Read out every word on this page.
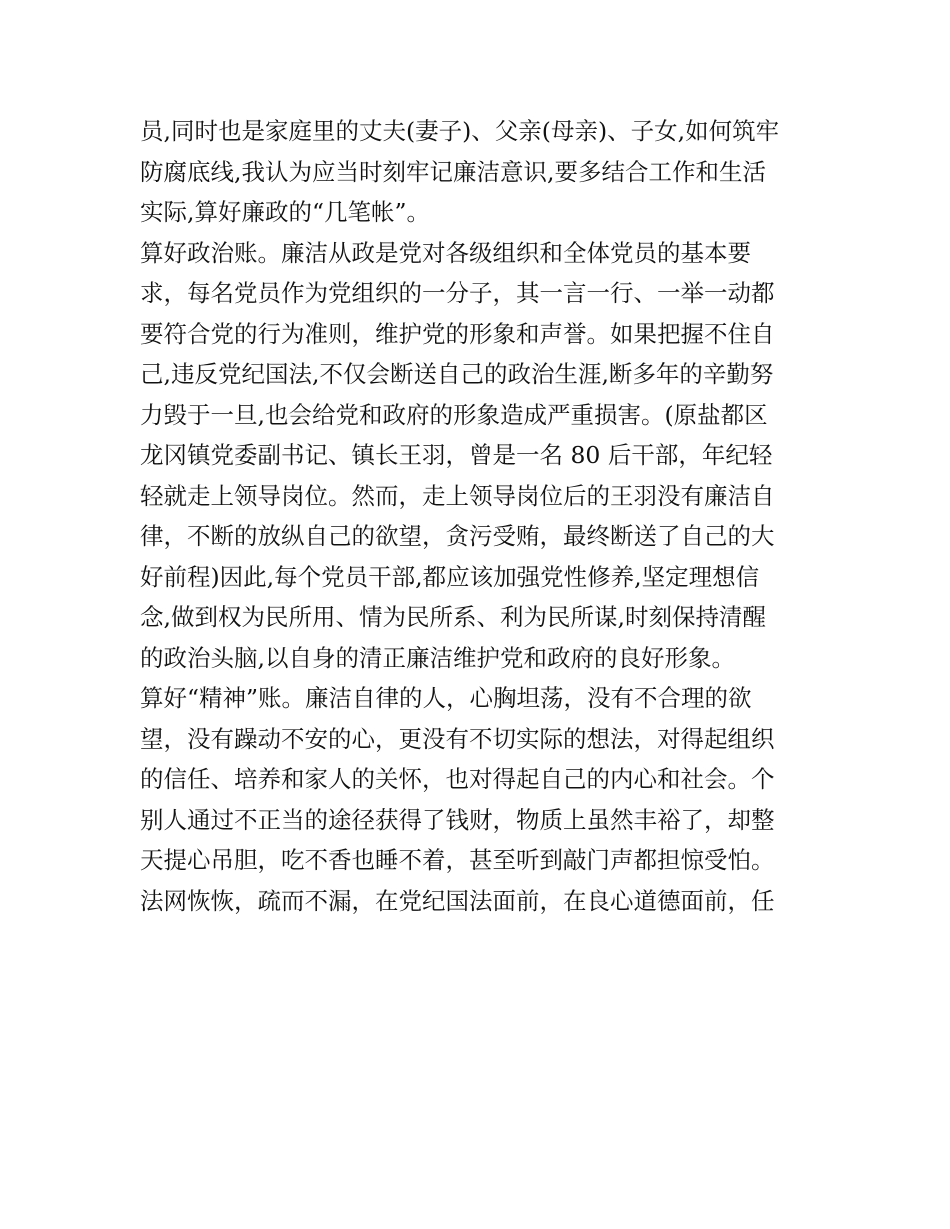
员,同时也是家庭里的丈夫(妻子)、父亲(母亲)、子女,如何筑牢
防腐底线,我认为应当时刻牢记廉洁意识,要多结合工作和生活
实际,算好廉政的“几笔帐”。
算好政治账。廉洁从政是党对各级组织和全体党员的基本要
求，每名党员作为党组织的一分子，其一言一行、一举一动都
要符合党的行为准则，维护党的形象和声誉。如果把握不住自
己,违反党纪国法,不仅会断送自己的政治生涯,断多年的辛勤努
力毁于一旦,也会给党和政府的形象造成严重损害。(原盐都区
龙冈镇党委副书记、镇长王羽，曾是一名 80 后干部，年纪轻
轻就走上领导岗位。然而，走上领导岗位后的王羽没有廉洁自
律，不断的放纵自己的欲望，贪污受贿，最终断送了自己的大
好前程)因此,每个党员干部,都应该加强党性修养,坚定理想信
念,做到权为民所用、情为民所系、利为民所谋,时刻保持清醒
的政治头脑,以自身的清正廉洁维护党和政府的良好形象。
算好“精神”账。廉洁自律的人，心胸坦荡，没有不合理的欲
望，没有躁动不安的心，更没有不切实际的想法，对得起组织
的信任、培养和家人的关怀，也对得起自己的内心和社会。个
别人通过不正当的途径获得了钱财，物质上虽然丰裕了，却整
天提心吊胆，吃不香也睡不着，甚至听到敲门声都担惊受怕。
法网恢恢，疏而不漏，在党纪国法面前，在良心道德面前，任
